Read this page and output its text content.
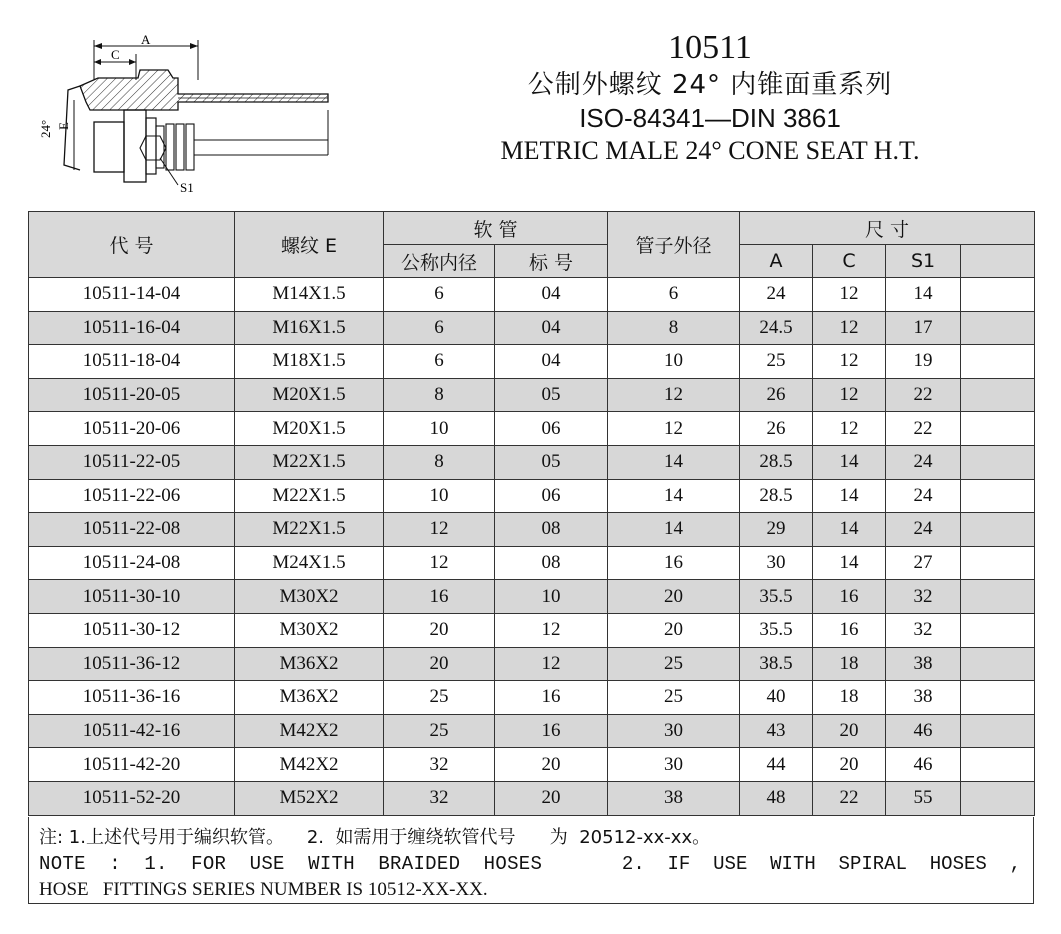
A
C
S1
E
24°
10511
公制外螺纹 24° 内锥面重系列
ISO-84341—DIN 3861
METRIC MALE 24° CONE SEAT H.T.
代 号	螺纹 E	软 管		管子外径	尺 寸			
		公称内径	标 号		A	C	S1	
10511-14-04	M14X1.5	6	04	6	24	12	14	
10511-16-04	M16X1.5	6	04	8	24.5	12	17	
10511-18-04	M18X1.5	6	04	10	25	12	19	
10511-20-05	M20X1.5	8	05	12	26	12	22	
10511-20-06	M20X1.5	10	06	12	26	12	22	
10511-22-05	M22X1.5	8	05	14	28.5	14	24	
10511-22-06	M22X1.5	10	06	14	28.5	14	24	
10511-22-08	M22X1.5	12	08	14	29	14	24	
10511-24-08	M24X1.5	12	08	16	30	14	27	
10511-30-10	M30X2	16	10	20	35.5	16	32	
10511-30-12	M30X2	20	12	20	35.5	16	32	
10511-36-12	M36X2	20	12	25	38.5	18	38	
10511-36-16	M36X2	25	16	25	40	18	38	
10511-42-16	M42X2	25	16	30	43	20	46	
10511-42-20	M42X2	32	20	30	44	20	46	
10511-52-20	M52X2	32	20	38	48	22	55	
注: 1.上述代号用于编织软管。    2.  如需用于缠绕软管代号      为  20512-xx-xx。
NOTE  :  1.  FOR  USE  WITH  BRAIDED  HOSES	2.  IF  USE  WITH  SPIRAL  HOSES  ,
HOSE   FITTINGS SERIES NUMBER IS 10512-XX-XX.
